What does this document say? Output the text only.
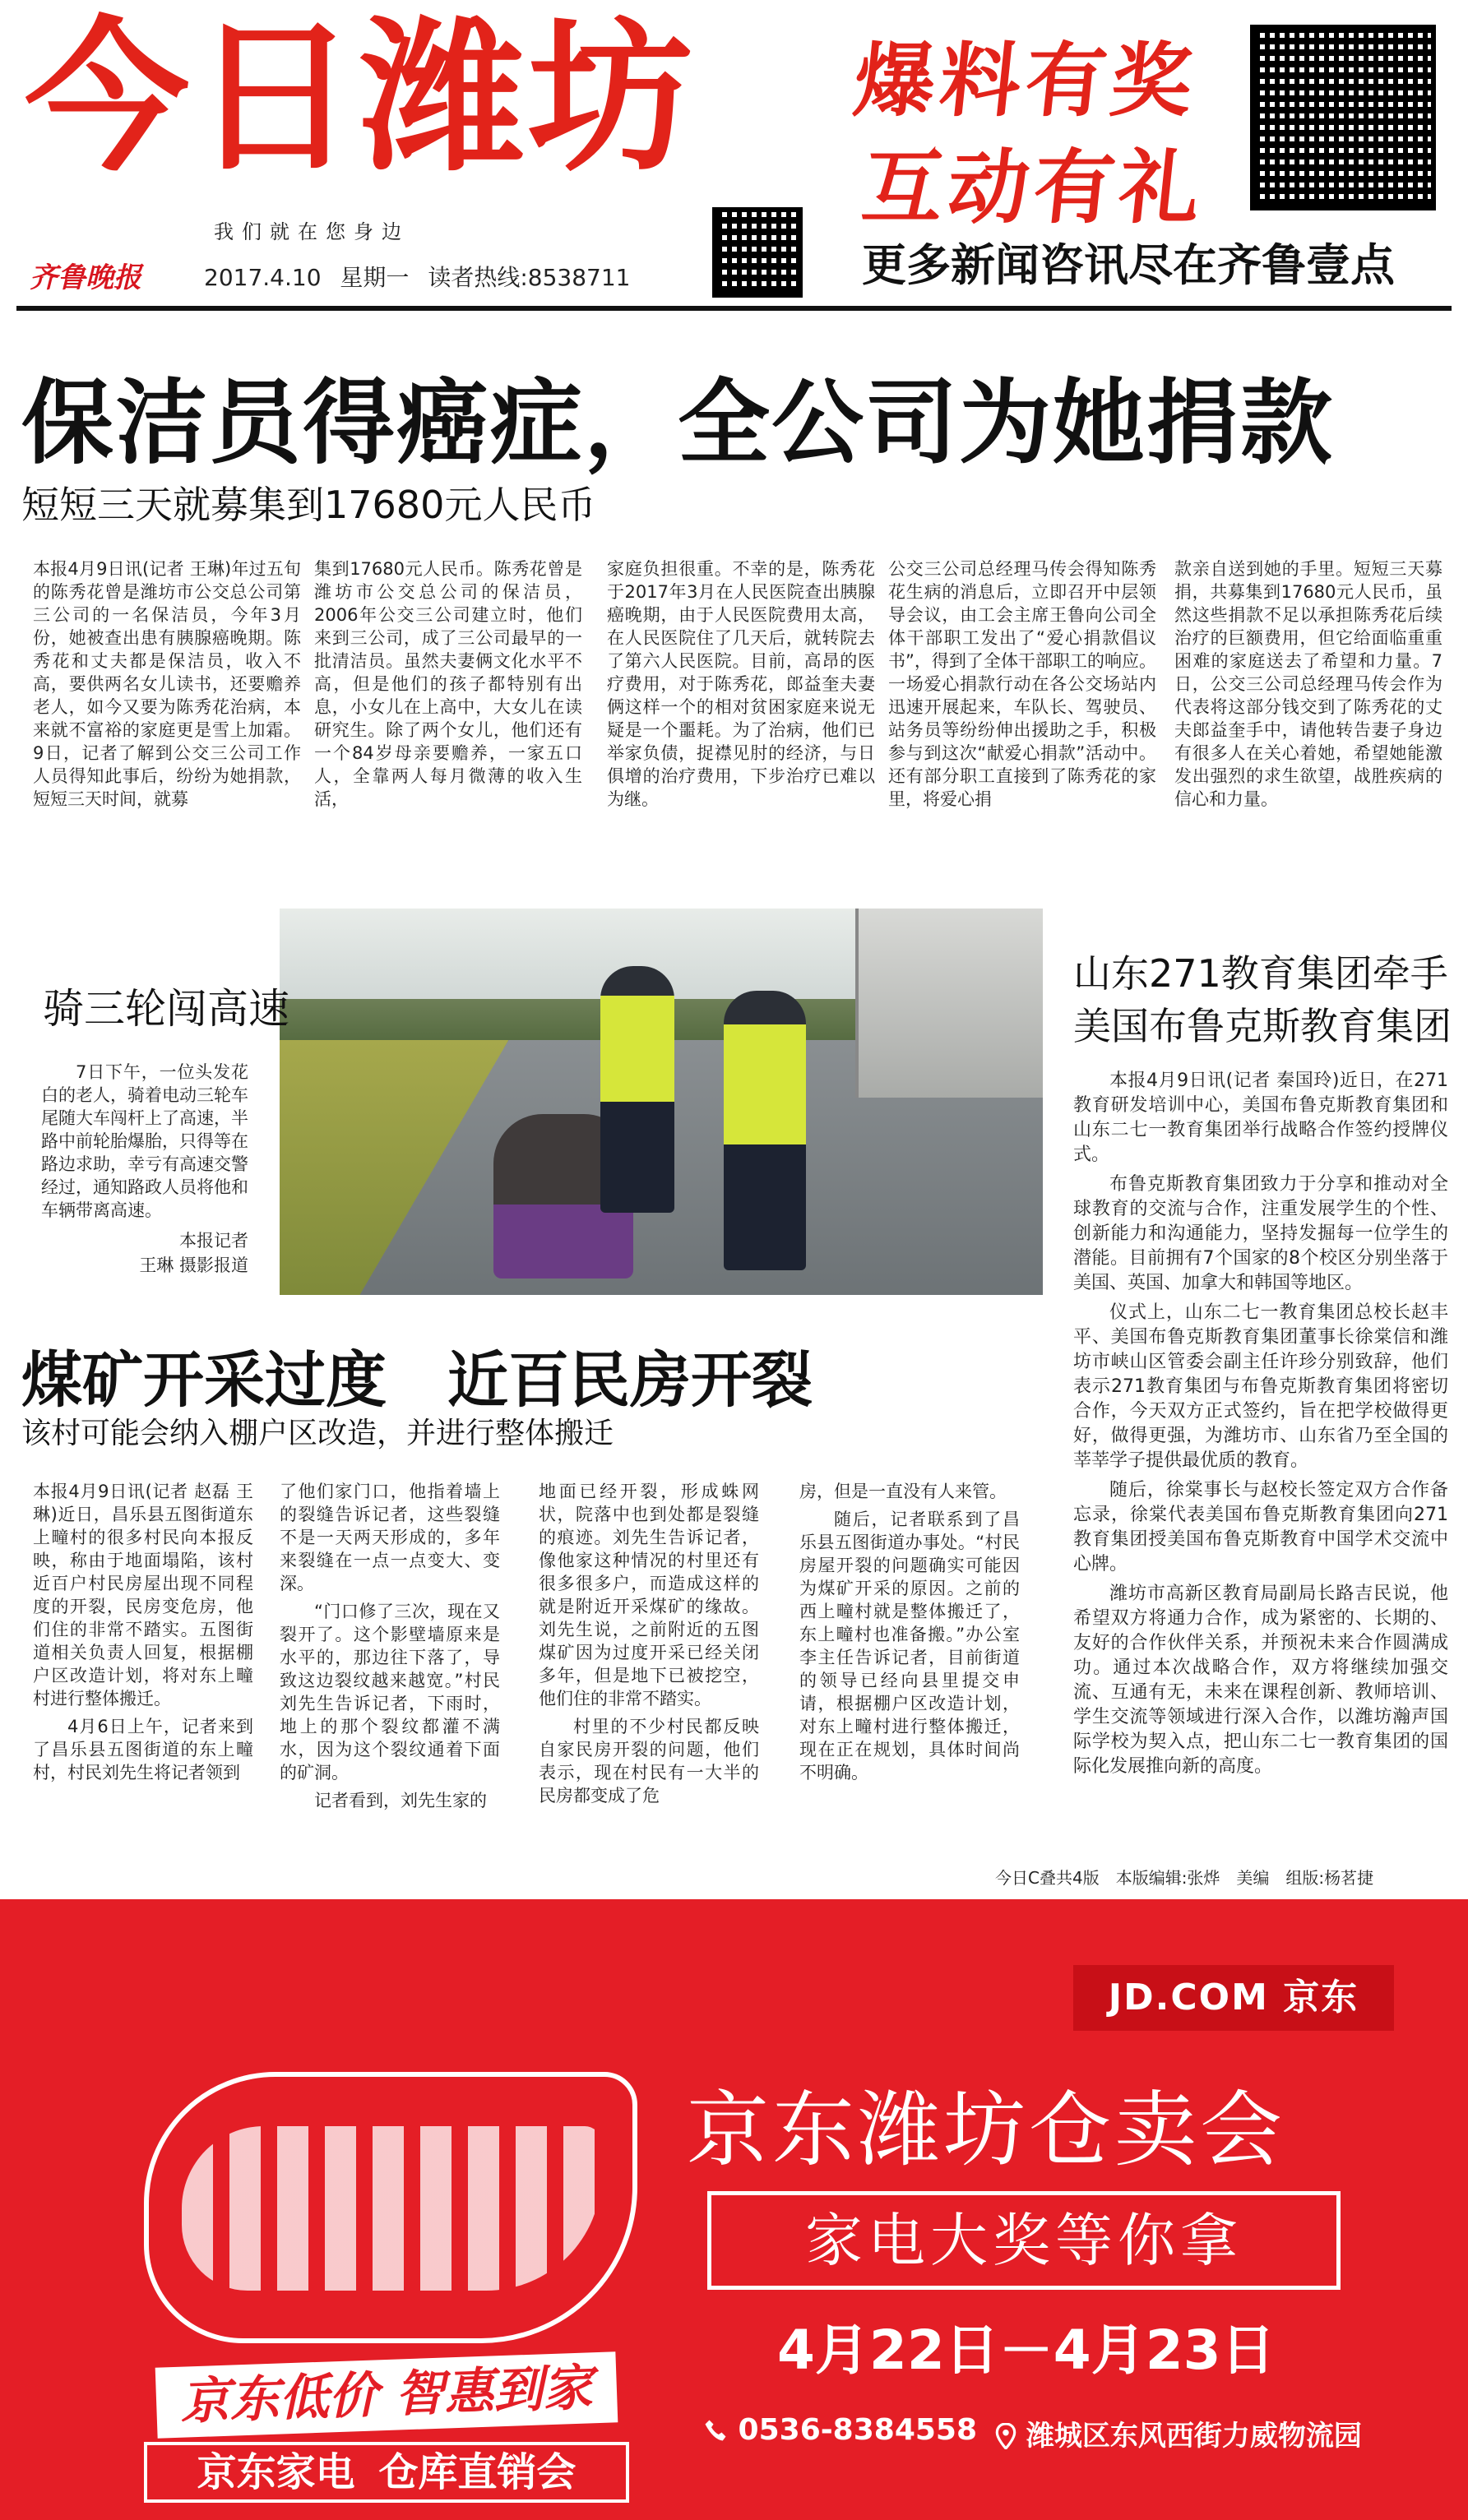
今日潍坊
我们就在您身边
齐鲁晚报	2017.4.10 星期一 读者热线:8538711
爆料有奖
互动有礼
更多新闻咨讯尽在齐鲁壹点
保洁员得癌症，全公司为她捐款
短短三天就募集到17680元人民币

本报4月9日讯(记者 王琳)年过五旬的陈秀花曾是潍坊市公交总公司第三公司的一名保洁员，今年3月份，她被查出患有胰腺癌晚期。陈秀花和丈夫都是保洁员，收入不高，要供两名女儿读书，还要赡养老人，如今又要为陈秀花治病，本来就不富裕的家庭更是雪上加霜。9日，记者了解到公交三公司工作人员得知此事后，纷纷为她捐款，短短三天时间，就募

集到17680元人民币。陈秀花曾是潍坊市公交总公司的保洁员，2006年公交三公司建立时，他们来到三公司，成了三公司最早的一批清洁员。虽然夫妻俩文化水平不高，但是他们的孩子都特别有出息，小女儿在上高中，大女儿在读研究生。除了两个女儿，他们还有一个84岁母亲要赡养，一家五口人，全靠两人每月微薄的收入生活，

家庭负担很重。不幸的是，陈秀花于2017年3月在人民医院查出胰腺癌晚期，由于人民医院费用太高，在人民医院住了几天后，就转院去了第六人民医院。目前，高昂的医疗费用，对于陈秀花，郎益奎夫妻俩这样一个的相对贫困家庭来说无疑是一个噩耗。为了治病，他们已举家负债，捉襟见肘的经济，与日俱增的治疗费用，下步治疗已难以为继。

公交三公司总经理马传会得知陈秀花生病的消息后，立即召开中层领导会议，由工会主席王鲁向公司全体干部职工发出了“爱心捐款倡议书”，得到了全体干部职工的响应。一场爱心捐款行动在各公交场站内迅速开展起来，车队长、驾驶员、站务员等纷纷伸出援助之手，积极参与到这次“献爱心捐款”活动中。还有部分职工直接到了陈秀花的家里，将爱心捐

款亲自送到她的手里。短短三天募捐，共募集到17680元人民币，虽然这些捐款不足以承担陈秀花后续治疗的巨额费用，但它给面临重重困难的家庭送去了希望和力量。7日，公交三公司总经理马传会作为代表将这部分钱交到了陈秀花的丈夫郎益奎手中，请他转告妻子身边有很多人在关心着她，希望她能激发出强烈的求生欲望，战胜疾病的信心和力量。

骑三轮闯高速

7日下午，一位头发花白的老人，骑着电动三轮车尾随大车闯杆上了高速，半路中前轮胎爆胎，只得等在路边求助，幸亏有高速交警经过，通知路政人员将他和车辆带离高速。

本报记者
王琳 摄影报道
山东271教育集团牵手
美国布鲁克斯教育集团

本报4月9日讯(记者 秦国玲)近日，在271教育研发培训中心，美国布鲁克斯教育集团和山东二七一教育集团举行战略合作签约授牌仪式。

布鲁克斯教育集团致力于分享和推动对全球教育的交流与合作，注重发展学生的个性、创新能力和沟通能力，坚持发掘每一位学生的潜能。目前拥有7个国家的8个校区分别坐落于美国、英国、加拿大和韩国等地区。

仪式上，山东二七一教育集团总校长赵丰平、美国布鲁克斯教育集团董事长徐棠信和潍坊市峡山区管委会副主任许珍分别致辞，他们表示271教育集团与布鲁克斯教育集团将密切合作，今天双方正式签约，旨在把学校做得更好，做得更强，为潍坊市、山东省乃至全国的莘莘学子提供最优质的教育。

随后，徐棠事长与赵校长签定双方合作备忘录，徐棠代表美国布鲁克斯教育集团向271教育集团授美国布鲁克斯教育中国学术交流中心牌。

潍坊市高新区教育局副局长路吉民说，他希望双方将通力合作，成为紧密的、长期的、友好的合作伙伴关系，并预祝未来合作圆满成功。通过本次战略合作，双方将继续加强交流、互通有无，未来在课程创新、教师培训、学生交流等领域进行深入合作，以潍坊瀚声国际学校为契入点，把山东二七一教育集团的国际化发展推向新的高度。

煤矿开采过度　近百民房开裂
该村可能会纳入棚户区改造，并进行整体搬迁

本报4月9日讯(记者 赵磊 王琳)近日，昌乐县五图街道东上疃村的很多村民向本报反映，称由于地面塌陷，该村近百户村民房屋出现不同程度的开裂，民房变危房，他们住的非常不踏实。五图街道相关负责人回复，根据棚户区改造计划，将对东上疃村进行整体搬迁。

4月6日上午，记者来到了昌乐县五图街道的东上疃村，村民刘先生将记者领到

了他们家门口，他指着墙上的裂缝告诉记者，这些裂缝不是一天两天形成的，多年来裂缝在一点一点变大、变深。

“门口修了三次，现在又裂开了。这个影壁墙原来是水平的，那边往下落了，导致这边裂纹越来越宽。”村民刘先生告诉记者，下雨时，地上的那个裂纹都灌不满水，因为这个裂纹通着下面的矿洞。

记者看到，刘先生家的

地面已经开裂，形成蛛网状，院落中也到处都是裂缝的痕迹。刘先生告诉记者，像他家这种情况的村里还有很多很多户，而造成这样的就是附近开采煤矿的缘故。刘先生说，之前附近的五图煤矿因为过度开采已经关闭多年，但是地下已被挖空，他们住的非常不踏实。

村里的不少村民都反映自家民房开裂的问题，他们表示，现在村民有一大半的民房都变成了危

房，但是一直没有人来管。

随后，记者联系到了昌乐县五图街道办事处。“村民房屋开裂的问题确实可能因为煤矿开采的原因。之前的西上疃村就是整体搬迁了，东上疃村也准备搬。”办公室李主任告诉记者，目前街道的领导已经向县里提交申请，根据棚户区改造计划，对东上疃村进行整体搬迁，现在正在规划，具体时间尚不明确。

今日C叠共4版　本版编辑:张烨　美编　组版:杨茗捷
JD.COM 京东
京东潍坊仓卖会
家电大奖等你拿
4月22日－4月23日
0536-8384558	潍城区东风西街力威物流园
京东低价 智惠到家
京东家电 仓库直销会
